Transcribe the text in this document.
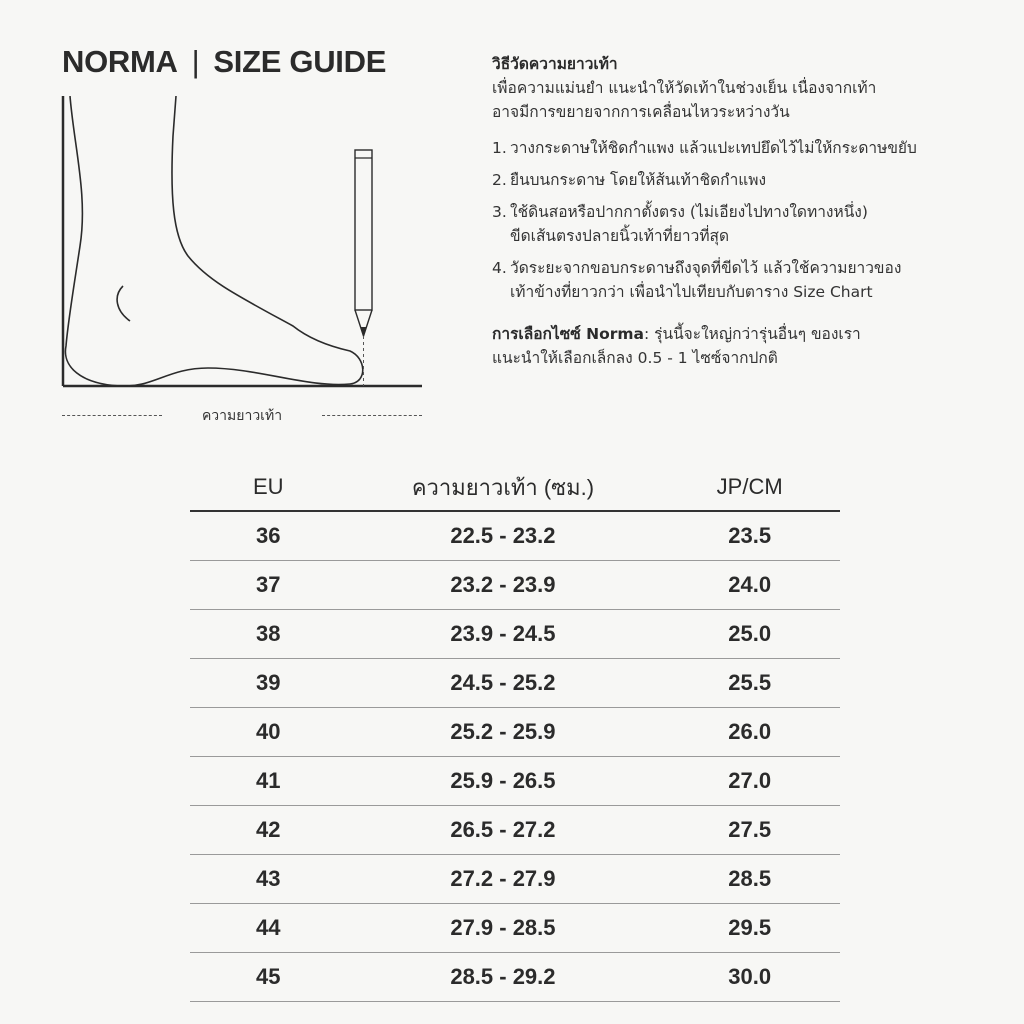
NORMA | SIZE GUIDE
ความยาวเท้า

วิธีวัดความยาวเท้า

เพื่อความแม่นยำ แนะนำให้วัดเท้าในช่วงเย็น เนื่องจากเท้า

อาจมีการขยายจากการเคลื่อนไหวระหว่างวัน

1. วางกระดาษให้ชิดกำแพง แล้วแปะเทปยึดไว้ไม่ให้กระดาษขยับ
2. ยืนบนกระดาษ โดยให้ส้นเท้าชิดกำแพง
3. ใช้ดินสอหรือปากกาตั้งตรง (ไม่เอียงไปทางใดทางหนึ่ง)
ขีดเส้นตรงปลายนิ้วเท้าที่ยาวที่สุด
4. วัดระยะจากขอบกระดาษถึงจุดที่ขีดไว้ แล้วใช้ความยาวของ
เท้าข้างที่ยาวกว่า เพื่อนำไปเทียบกับตาราง Size Chart

การเลือกไซซ์ Norma: รุ่นนี้จะใหญ่กว่ารุ่นอื่นๆ ของเรา

แนะนำให้เลือกเล็กลง 0.5 - 1 ไซซ์จากปกติ

EU	ความยาวเท้า (ซม.)	JP/CM
36	22.5 - 23.2	23.5
37	23.2 - 23.9	24.0
38	23.9 - 24.5	25.0
39	24.5 - 25.2	25.5
40	25.2 - 25.9	26.0
41	25.9 - 26.5	27.0
42	26.5 - 27.2	27.5
43	27.2 - 27.9	28.5
44	27.9 - 28.5	29.5
45	28.5 - 29.2	30.0
